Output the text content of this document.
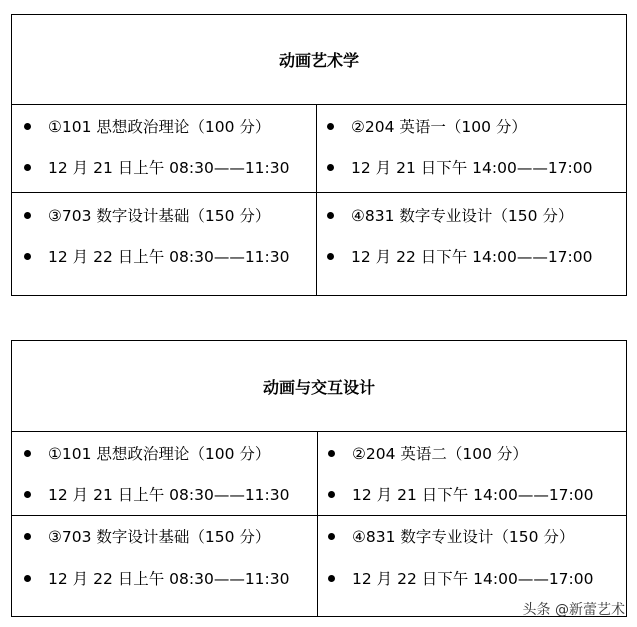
动画艺术学
①101 思想政治理论（100 分）
12 月 21 日上午 08:30——11:30
②204 英语一（100 分）
12 月 21 日下午 14:00——17:00
③703 数字设计基础（150 分）
12 月 22 日上午 08:30——11:30
④831 数字专业设计（150 分）
12 月 22 日下午 14:00——17:00
动画与交互设计
①101 思想政治理论（100 分）
12 月 21 日上午 08:30——11:30
②204 英语二（100 分）
12 月 21 日下午 14:00——17:00
③703 数字设计基础（150 分）
12 月 22 日上午 08:30——11:30
④831 数字专业设计（150 分）
12 月 22 日下午 14:00——17:00
头条 @新蕾艺术
